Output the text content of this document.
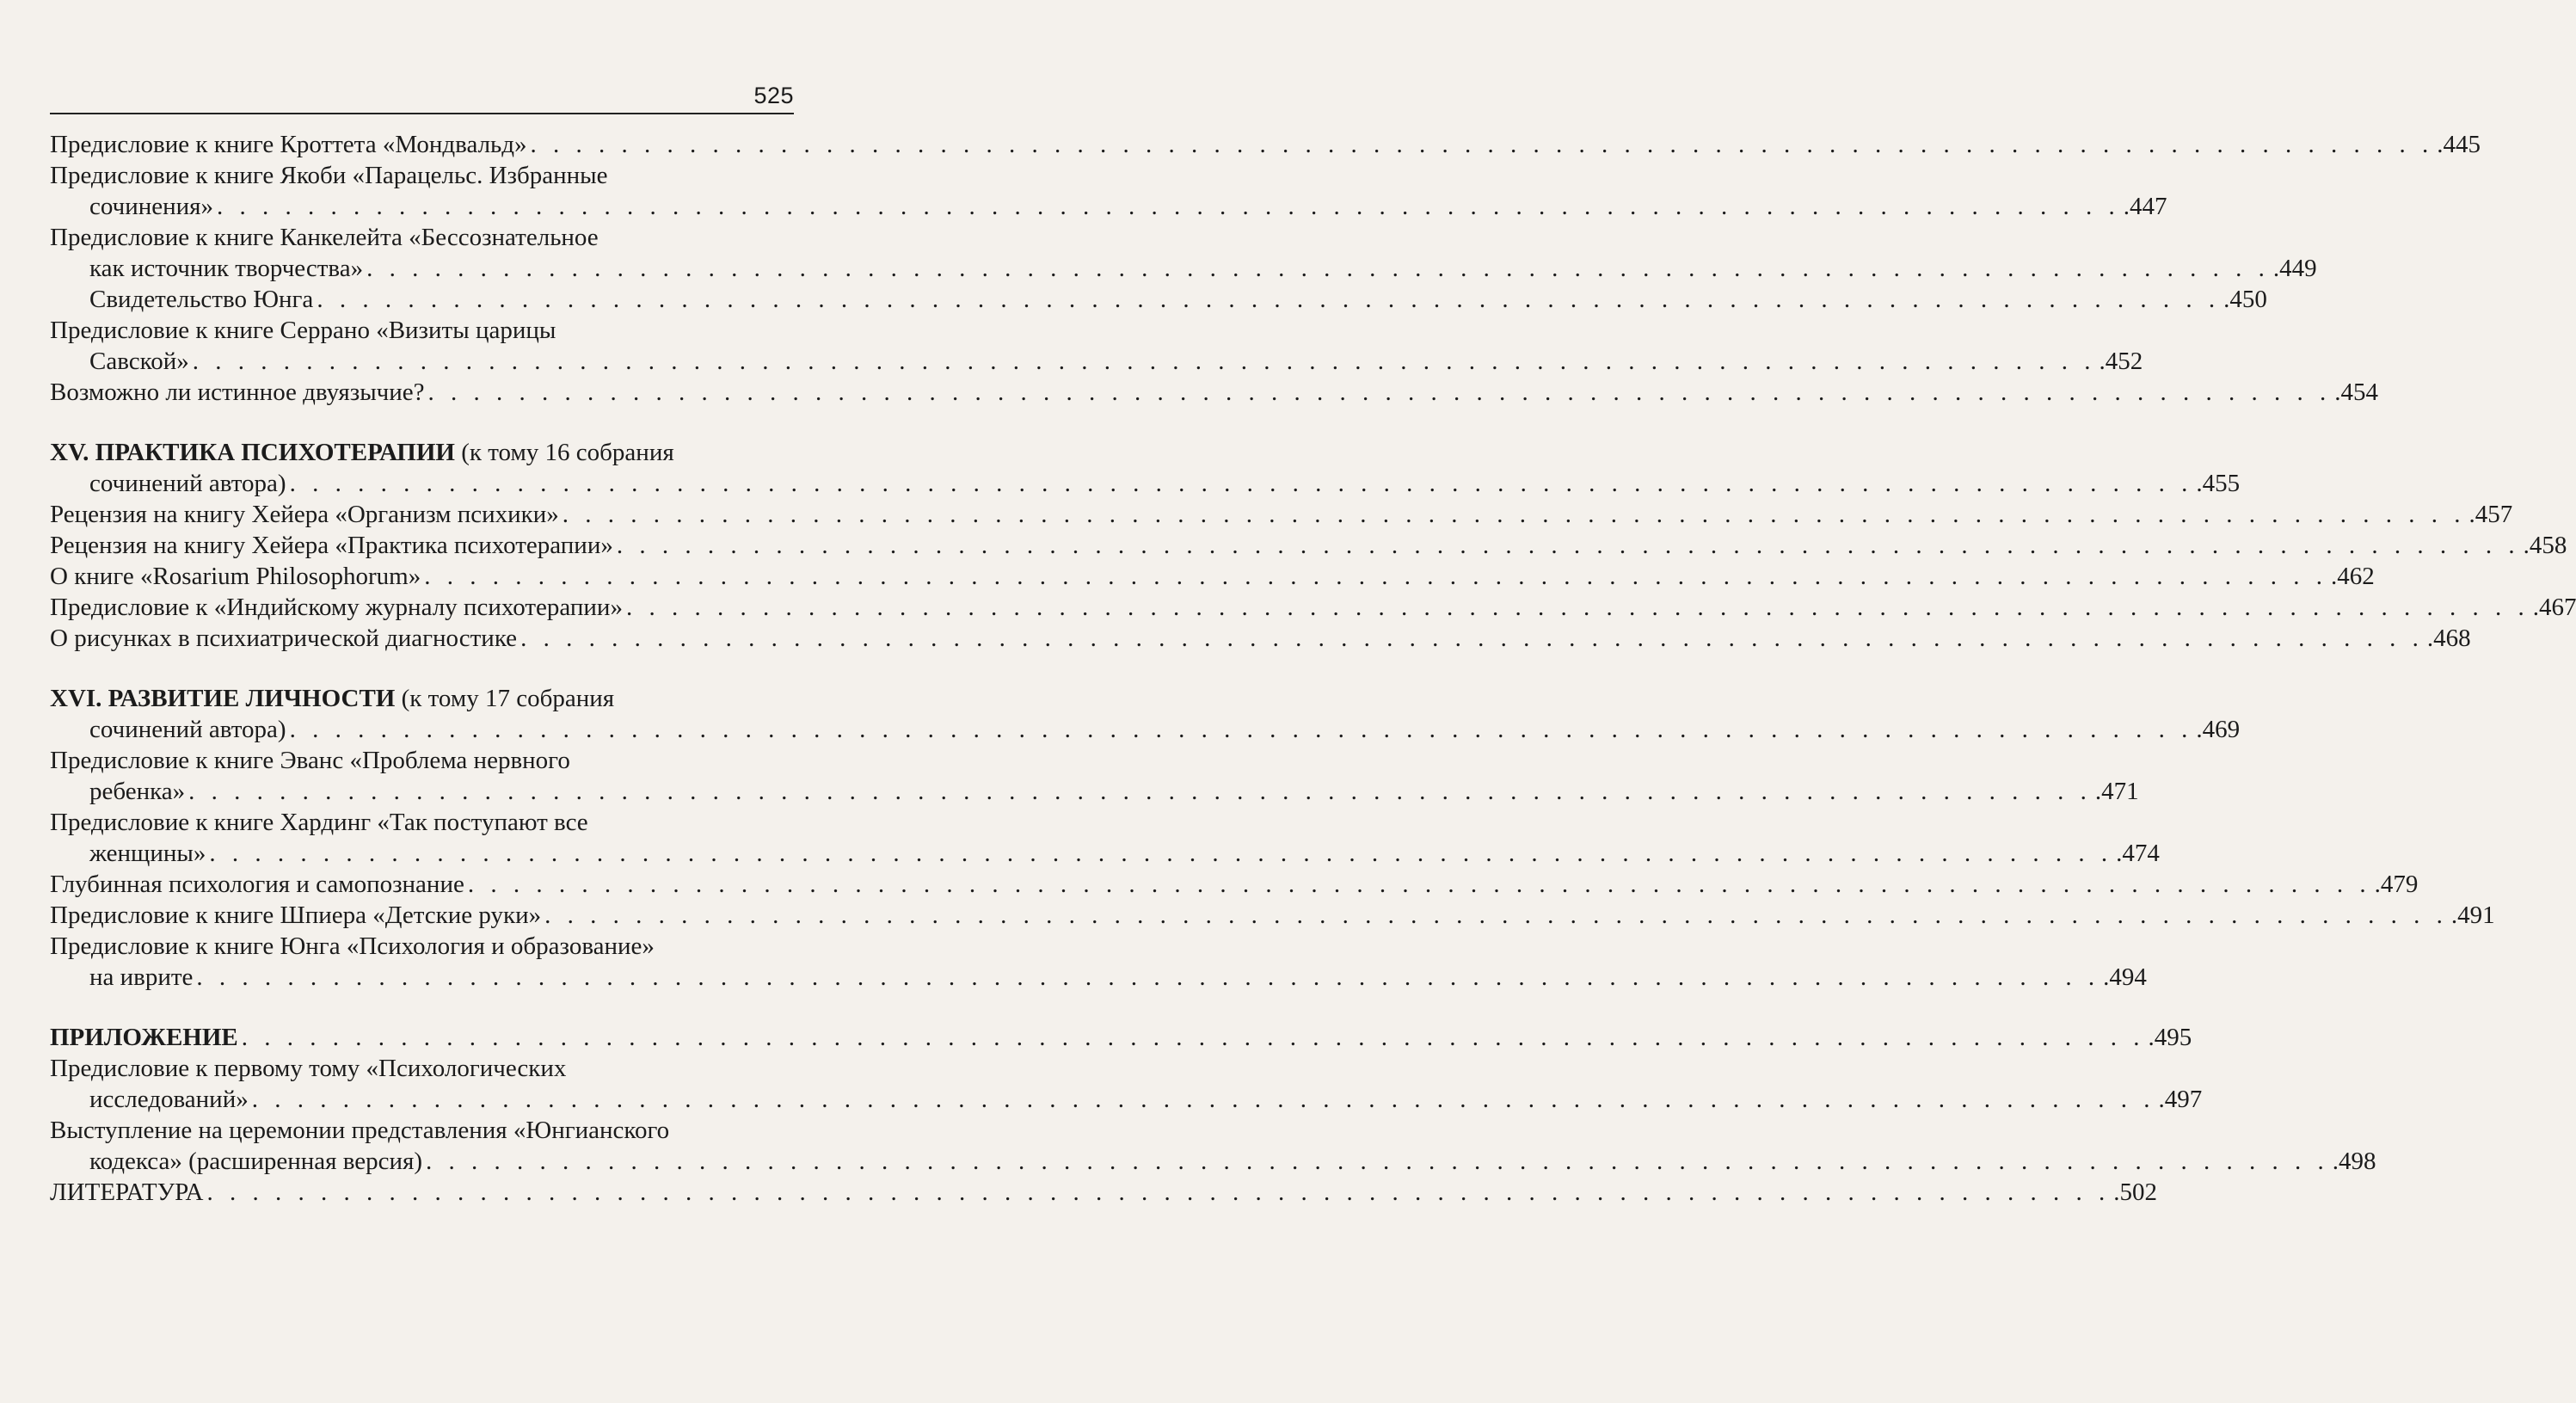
525
Предисловие к книге Кроттета «Мондвальд» . . . . . . . . . . . . . . . . . . . . . . . . . . . . . . . . . . . . . . . . . . . . . . . . . . . . . . . . . . . . . . . . . . . . . . . . . . . . . . . . . . . . .445
Предисловие к книге Якоби «Парацельс. Избранные
сочинения» . . . . . . . . . . . . . . . . . . . . . . . . . . . . . . . . . . . . . . . . . . . . . . . . . . . . . . . . . . . . . . . . . . . . . . . . . . . . . . . . . . . . .447
Предисловие к книге Канкелейта «Бессознательное
как источник творчества» . . . . . . . . . . . . . . . . . . . . . . . . . . . . . . . . . . . . . . . . . . . . . . . . . . . . . . . . . . . . . . . . . . . . . . . . . . . . . . . . . . . . .449
Свидетельство Юнга . . . . . . . . . . . . . . . . . . . . . . . . . . . . . . . . . . . . . . . . . . . . . . . . . . . . . . . . . . . . . . . . . . . . . . . . . . . . . . . . . . . . .450
Предисловие к книге Серрано «Визиты царицы
Савской» . . . . . . . . . . . . . . . . . . . . . . . . . . . . . . . . . . . . . . . . . . . . . . . . . . . . . . . . . . . . . . . . . . . . . . . . . . . . . . . . . . . . .452
Возможно ли истинное двуязычие? . . . . . . . . . . . . . . . . . . . . . . . . . . . . . . . . . . . . . . . . . . . . . . . . . . . . . . . . . . . . . . . . . . . . . . . . . . . . . . . . . . . . .454
XV. ПРАКТИКА ПСИХОТЕРАПИИ (к тому 16 собрания
сочинений автора) . . . . . . . . . . . . . . . . . . . . . . . . . . . . . . . . . . . . . . . . . . . . . . . . . . . . . . . . . . . . . . . . . . . . . . . . . . . . . . . . . . . . .455
Рецензия на книгу Хейера «Организм психики» . . . . . . . . . . . . . . . . . . . . . . . . . . . . . . . . . . . . . . . . . . . . . . . . . . . . . . . . . . . . . . . . . . . . . . . . . . . . . . . . . . . . .457
Рецензия на книгу Хейера «Практика психотерапии» . . . . . . . . . . . . . . . . . . . . . . . . . . . . . . . . . . . . . . . . . . . . . . . . . . . . . . . . . . . . . . . . . . . . . . . . . . . . . . . . . . . . .458
О книге «Rosarium Philosophorum» . . . . . . . . . . . . . . . . . . . . . . . . . . . . . . . . . . . . . . . . . . . . . . . . . . . . . . . . . . . . . . . . . . . . . . . . . . . . . . . . . . . . .462
Предисловие к «Индийскому журналу психотерапии» . . . . . . . . . . . . . . . . . . . . . . . . . . . . . . . . . . . . . . . . . . . . . . . . . . . . . . . . . . . . . . . . . . . . . . . . . . . . . . . . . . . . .467
О рисунках в психиатрической диагностике . . . . . . . . . . . . . . . . . . . . . . . . . . . . . . . . . . . . . . . . . . . . . . . . . . . . . . . . . . . . . . . . . . . . . . . . . . . . . . . . . . . . .468
XVI. РАЗВИТИЕ ЛИЧНОСТИ (к тому 17 собрания
сочинений автора) . . . . . . . . . . . . . . . . . . . . . . . . . . . . . . . . . . . . . . . . . . . . . . . . . . . . . . . . . . . . . . . . . . . . . . . . . . . . . . . . . . . . .469
Предисловие к книге Эванс «Проблема нервного
ребенка» . . . . . . . . . . . . . . . . . . . . . . . . . . . . . . . . . . . . . . . . . . . . . . . . . . . . . . . . . . . . . . . . . . . . . . . . . . . . . . . . . . . . .471
Предисловие к книге Хардинг «Так поступают все
женщины» . . . . . . . . . . . . . . . . . . . . . . . . . . . . . . . . . . . . . . . . . . . . . . . . . . . . . . . . . . . . . . . . . . . . . . . . . . . . . . . . . . . . .474
Глубинная психология и самопознание . . . . . . . . . . . . . . . . . . . . . . . . . . . . . . . . . . . . . . . . . . . . . . . . . . . . . . . . . . . . . . . . . . . . . . . . . . . . . . . . . . . . .479
Предисловие к книге Шпиера «Детские руки» . . . . . . . . . . . . . . . . . . . . . . . . . . . . . . . . . . . . . . . . . . . . . . . . . . . . . . . . . . . . . . . . . . . . . . . . . . . . . . . . . . . . .491
Предисловие к книге Юнга «Психология и образование»
на иврите . . . . . . . . . . . . . . . . . . . . . . . . . . . . . . . . . . . . . . . . . . . . . . . . . . . . . . . . . . . . . . . . . . . . . . . . . . . . . . . . . . . . .494
ПРИЛОЖЕНИЕ . . . . . . . . . . . . . . . . . . . . . . . . . . . . . . . . . . . . . . . . . . . . . . . . . . . . . . . . . . . . . . . . . . . . . . . . . . . . . . . . . . . . .495
Предисловие к первому тому «Психологических
исследований» . . . . . . . . . . . . . . . . . . . . . . . . . . . . . . . . . . . . . . . . . . . . . . . . . . . . . . . . . . . . . . . . . . . . . . . . . . . . . . . . . . . . .497
Выступление на церемонии представления «Юнгианского
кодекса» (расширенная версия) . . . . . . . . . . . . . . . . . . . . . . . . . . . . . . . . . . . . . . . . . . . . . . . . . . . . . . . . . . . . . . . . . . . . . . . . . . . . . . . . . . . . .498
ЛИТЕРАТУРА . . . . . . . . . . . . . . . . . . . . . . . . . . . . . . . . . . . . . . . . . . . . . . . . . . . . . . . . . . . . . . . . . . . . . . . . . . . . . . . . . . . . .502
